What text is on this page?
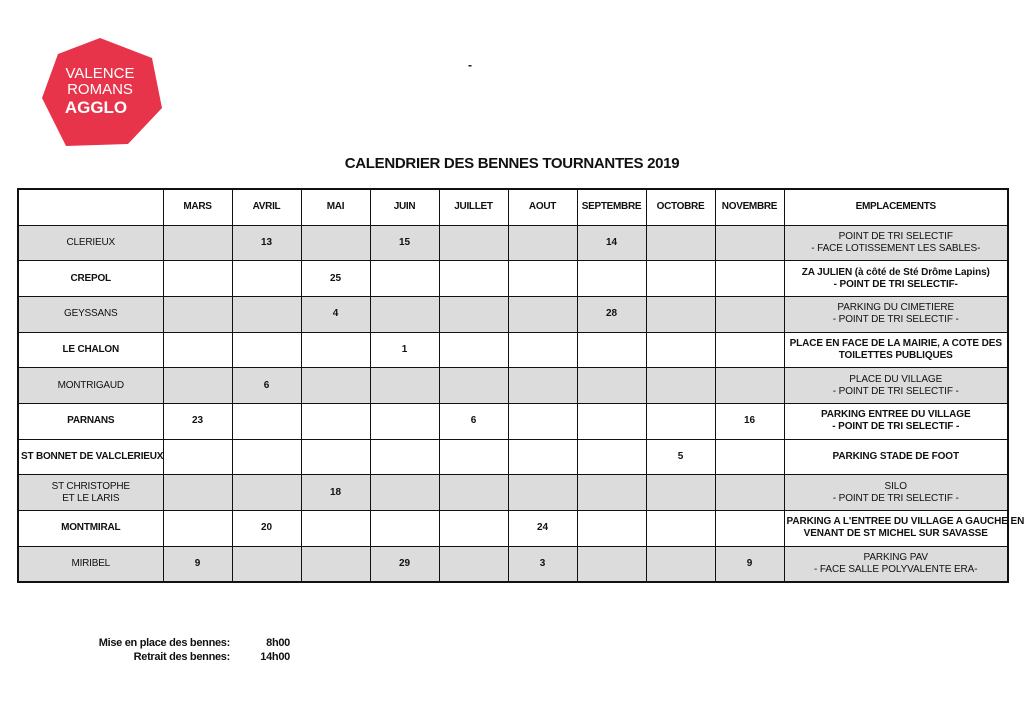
VALENCE
ROMANS
AGGLO
-
CALENDRIER DES BENNES TOURNANTES 2019
	MARS	AVRIL	MAI	JUIN	JUILLET	AOUT	SEPTEMBRE	OCTOBRE	NOVEMBRE	EMPLACEMENTS

CLERIEUX		13		15			14			POINT DE TRI SELECTIF
- FACE LOTISSEMENT LES SABLES-

CREPOL			25							ZA JULIEN (à côté de Sté Drôme Lapins)
- POINT DE TRI SELECTIF-

GEYSSANS			4				28			PARKING DU CIMETIERE
- POINT DE TRI SELECTIF -

LE CHALON				1						PLACE EN FACE DE LA MAIRIE, A COTE DES
TOILETTES PUBLIQUES

MONTRIGAUD		6								PLACE DU VILLAGE
- POINT DE TRI SELECTIF -

PARNANS	23				6				16	PARKING ENTREE DU VILLAGE
- POINT DE TRI SELECTIF -

ST BONNET DE VALCLERIEUX								5		PARKING STADE DE FOOT

ST CHRISTOPHE
ET LE LARIS			18							SILO
- POINT DE TRI SELECTIF -

MONTMIRAL		20				24				PARKING A L'ENTREE DU VILLAGE A GAUCHE EN
VENANT DE ST MICHEL SUR SAVASSE

MIRIBEL	9			29		3			9	PARKING PAV
- FACE SALLE POLYVALENTE ERA-
Mise en place des bennes:	8h00
Retrait des bennes:	14h00
